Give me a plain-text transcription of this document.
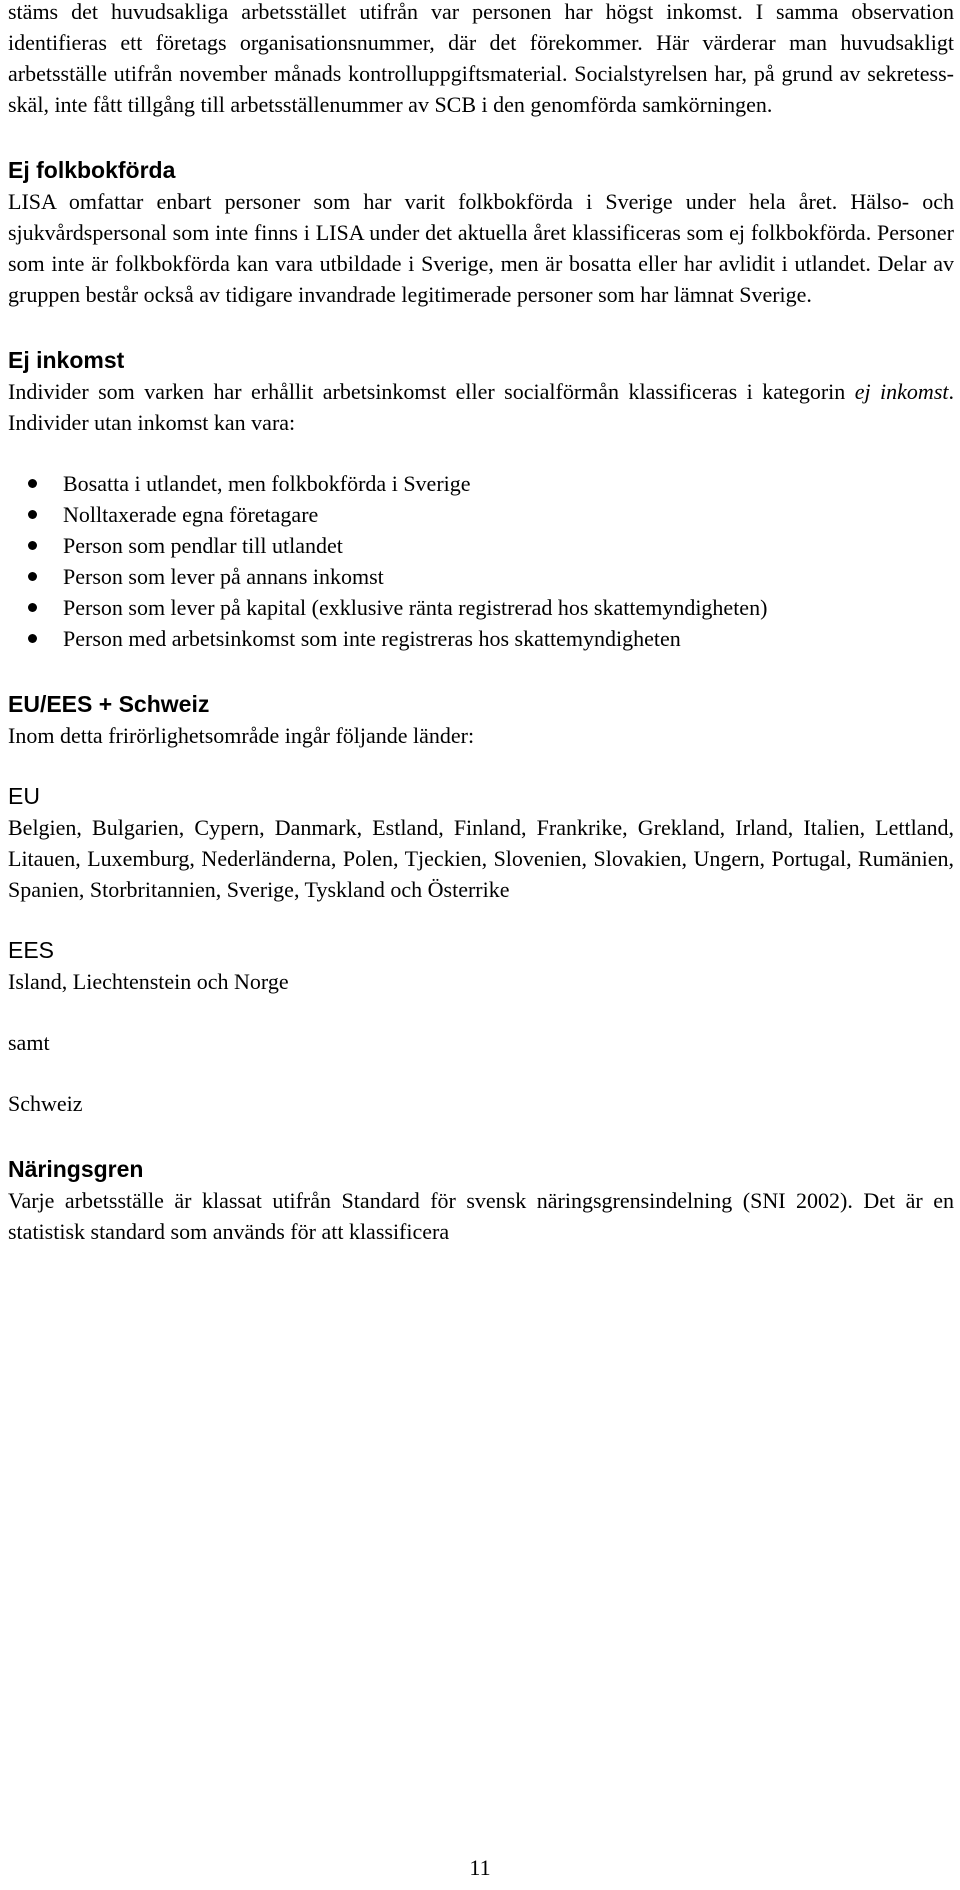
stäms det huvudsakliga arbetsstället utifrån var personen har högst inkomst. I samma observation identifieras ett företags organisationsnummer, där det förekommer. Här värderar man huvudsakligt arbetsställe utifrån november månads kontrolluppgiftsmaterial. Socialstyrelsen har, på grund av sekretessskäl, inte fått tillgång till arbetsställenummer av SCB i den genomförda samkörningen.

Ej folkbokförda

LISA omfattar enbart personer som har varit folkbokförda i Sverige under hela året. Hälso- och sjukvårdspersonal som inte finns i LISA under det aktuella året klassificeras som ej folkbokförda. Personer som inte är folkbokförda kan vara utbildade i Sverige, men är bosatta eller har avlidit i utlandet. Delar av gruppen består också av tidigare invandrade legitimerade personer som har lämnat Sverige.

Ej inkomst

Individer som varken har erhållit arbetsinkomst eller socialförmån klassificeras i kategorin ej inkomst. Individer utan inkomst kan vara:

Bosatta i utlandet, men folkbokförda i Sverige
Nolltaxerade egna företagare
Person som pendlar till utlandet
Person som lever på annans inkomst
Person som lever på kapital (exklusive ränta registrerad hos skattemyndigheten)
Person med arbetsinkomst som inte registreras hos skattemyndigheten
EU/EES + Schweiz

Inom detta frirörlighetsområde ingår följande länder:

EU

Belgien, Bulgarien, Cypern, Danmark, Estland, Finland, Frankrike, Grekland, Irland, Italien, Lettland, Litauen, Luxemburg, Nederländerna, Polen, Tjeckien, Slovenien, Slovakien, Ungern, Portugal, Rumänien, Spanien, Storbritannien, Sverige, Tyskland och Österrike

EES

Island, Liechtenstein och Norge

samt

Schweiz

Näringsgren

Varje arbetsställe är klassat utifrån Standard för svensk näringsgrensindelning (SNI 2002). Det är en statistisk standard som används för att klassificera

11
